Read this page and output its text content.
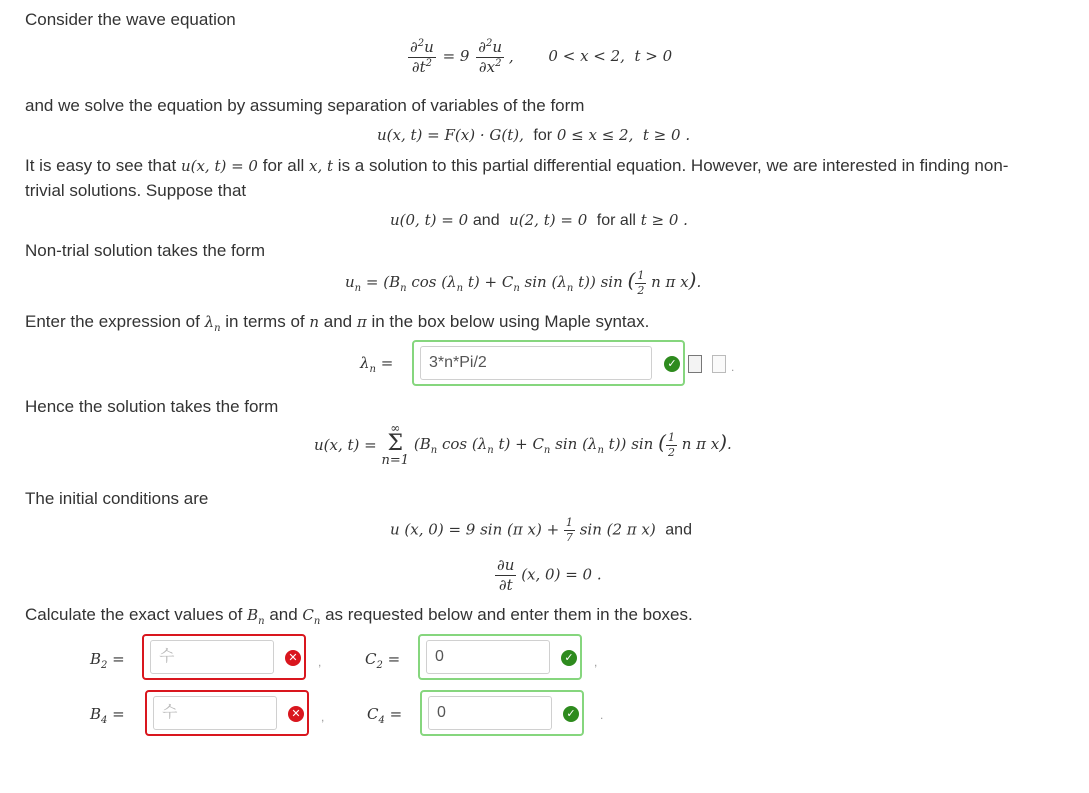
Consider the wave equation
$\frac{\partial^2u}{\partial t^2} = 9 \frac{\partial^2u}{\partial x^2}$ , 0 < x < 2,  t > 0
and we solve the equation by assuming separation of variables of the form
u(x, t) = F(x) · G(t),  for 0 ≤ x ≤ 2,  t ≥ 0 .
It is easy to see that u(x, t) = 0 for all x, t is a solution to this partial differential equation. However, we are interested in finding non-
trivial solutions. Suppose that
u(0, t) = 0 and  u(2, t) = 0  for all t ≥ 0 .
Non-trial solution takes the form
$u_n = (B_n$ $\cos (\lambda_n$ $t) + C_n$ $\sin (\lambda_n$ t)) sin ( $\frac{1}{2}$ n π x).
Enter the expression of $\lambda_n$ in terms of n and π in the box below using Maple syntax.
$\lambda_n$ =
3*n*Pi/2	✓	.
Hence the solution takes the form
u(x, t) =
∞
Σ
n=1
($B_n$ $\cos (\lambda_n$ $t) + C_n$ $\sin (\lambda_n$ t)) sin ( $\frac{1}{2}$ n π x).
The initial conditions are
u (x, 0) = 9 sin (π $x) + \frac{1}{7}$ sin (2 π x)  and
$\frac{\partial u}{\partial t} (x$, 0) = 0 .
Calculate the exact values of $B_n$ and $C_n$ as requested below and enter them in the boxes.
$B_2$ =
수	✕ ,	$C_2$ =
0	✓ ,
$B_4$ =
수	✕ ,	$C_4$ =
0	✓ .
